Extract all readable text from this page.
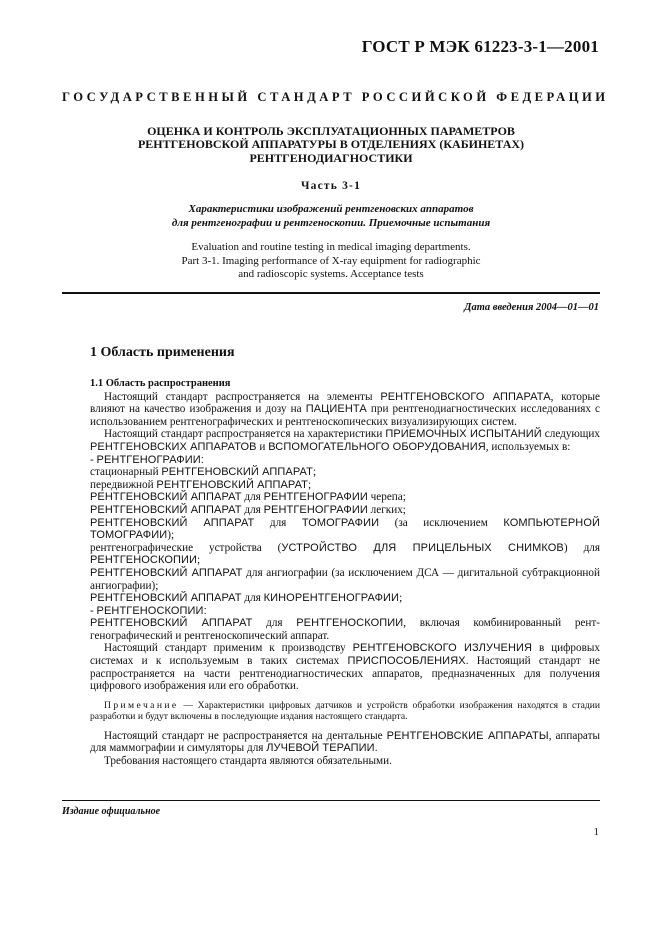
ГОСТ Р МЭК 61223-3-1—2001
ГОСУДАРСТВЕННЫЙ СТАНДАРТ РОССИЙСКОЙ ФЕДЕРАЦИИ
ОЦЕНКА И КОНТРОЛЬ ЭКСПЛУАТАЦИОННЫХ ПАРАМЕТРОВ
РЕНТГЕНОВСКОЙ АППАРАТУРЫ В ОТДЕЛЕНИЯХ (КАБИНЕТАХ)
РЕНТГЕНОДИАГНОСТИКИ
Часть 3-1
Характеристики изображений рентгеновских аппаратов
для рентгенографии и рентгеноскопии. Приемочные испытания
Evaluation and routine testing in medical imaging departments.
Part 3-1. Imaging performance of X-ray equipment for radiographic
and radioscopic systems. Acceptance tests
Дата введения 2004—01—01
1 Область применения

1.1 Область распространения

Настоящий стандарт распространяется на элементы РЕНТГЕНОВСКОГО АППАРАТА, которые влияют на качество изображения и дозу на ПАЦИЕНТА при рентгенодиагностических исследованиях с использованием рентгенографических и рентгеноскопических визуализирующих систем.

Настоящий стандарт распространяется на характеристики ПРИЕМОЧНЫХ ИСПЫТАНИЙ следующих РЕНТГЕНОВСКИХ АППАРАТОВ и ВСПОМОГАТЕЛЬНОГО ОБОРУДОВАНИЯ, используемых в:

- РЕНТГЕНОГРАФИИ:

стационарный РЕНТГЕНОВСКИЙ АППАРАТ;

передвижной РЕНТГЕНОВСКИЙ АППАРАТ;

РЕНТГЕНОВСКИЙ АППАРАТ для РЕНТГЕНОГРАФИИ черепа;

РЕНТГЕНОВСКИЙ АППАРАТ для РЕНТГЕНОГРАФИИ легких;

РЕНТГЕНОВСКИЙ АППАРАТ для ТОМОГРАФИИ (за исключением КОМПЬЮТЕРНОЙ ТОМОГРАФИИ);

рентгенографические устройства (УСТРОЙСТВО ДЛЯ ПРИЦЕЛЬНЫХ СНИМКОВ) для РЕНТГЕНОСКОПИИ;

РЕНТГЕНОВСКИЙ АППАРАТ для ангиографии (за исключением ДСА — дигитальной субтракционной ангиографии);

РЕНТГЕНОВСКИЙ АППАРАТ для КИНОРЕНТГЕНОГРАФИИ;

- РЕНТГЕНОСКОПИИ:

РЕНТГЕНОВСКИЙ АППАРАТ для РЕНТГЕНОСКОПИИ, включая комбинированный рентгенографический и рентгеноскопический аппарат.

Настоящий стандарт применим к производству РЕНТГЕНОВСКОГО ИЗЛУЧЕНИЯ в цифровых системах и к используемым в таких системах ПРИСПОСОБЛЕНИЯХ. Настоящий стандарт не распространяется на части рентгенодиагностических аппаратов, предназначенных для получения цифрового изображения или его обработки.

Примечание — Характеристики цифровых датчиков и устройств обработки изображения находятся в стадии разработки и будут включены в последующие издания настоящего стандарта.

Настоящий стандарт не распространяется на дентальные РЕНТГЕНОВСКИЕ АППАРАТЫ, аппараты для маммографии и симуляторы для ЛУЧЕВОЙ ТЕРАПИИ.

Требования настоящего стандарта являются обязательными.

Издание официальное
1
